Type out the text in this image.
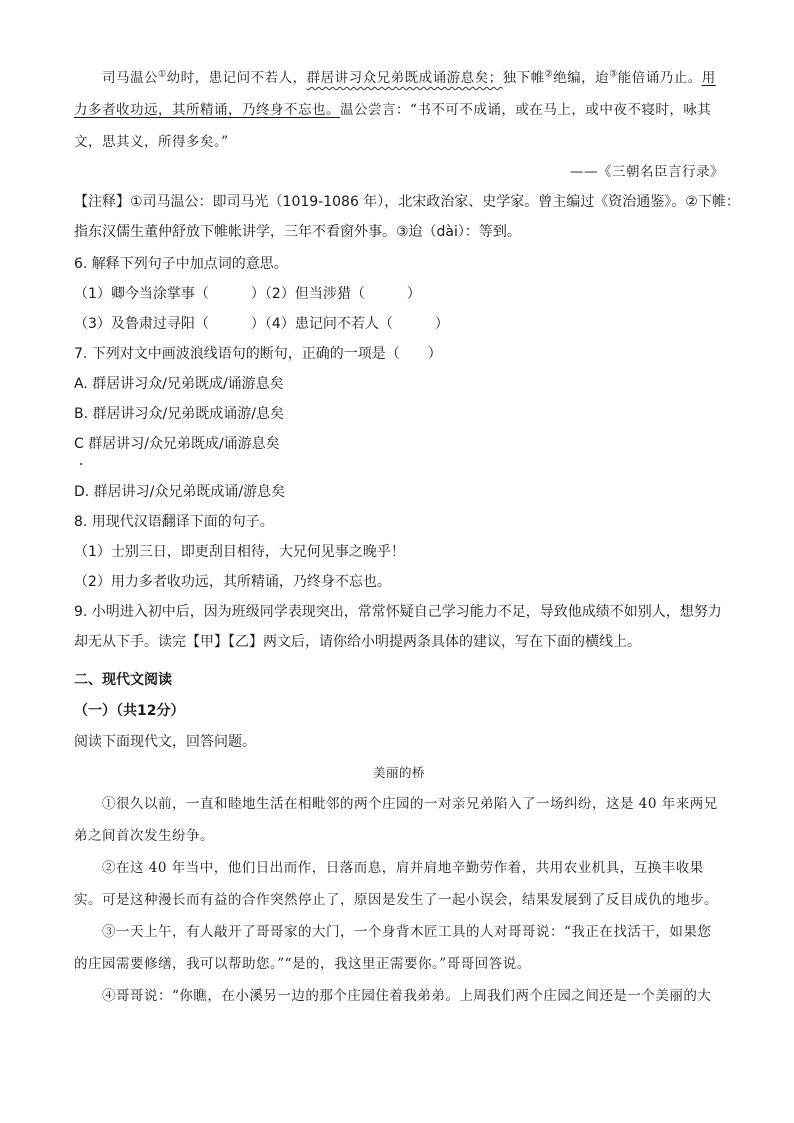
司马温公①幼时，患记问不若人，群居讲习众兄弟既成诵游息矣；独下帷②绝编，迨③能倍诵乃止。用
力多者收功远，其所精诵，乃终身不忘也。温公尝言：“书不可不成诵，或在马上，或中夜不寝时，咏其
文，思其义，所得多矣。”
——《三朝名臣言行录》
【注释】①司马温公：即司马光（1019-1086 年），北宋政治家、史学家。曾主编过《资治通鉴》。②下帷：
指东汉儒生董仲舒放下帷帐讲学，三年不看窗外事。③迨（dài）：等到。
6. 解释下列句子中加点词的意思。
（1）卿今当涂掌事（　　　）（2）但当涉猎（　　　）
（3）及鲁肃过寻阳（　　　）（4）患记问不若人（　　　）
7. 下列对文中画波浪线语句的断句，正确的一项是（　　）
A. 群居讲习众/兄弟既成/诵游息矣
B. 群居讲习众/兄弟既成诵游/息矣
C 群居讲习/众兄弟既成/诵游息矣
D. 群居讲习/众兄弟既成诵/游息矣
8. 用现代汉语翻译下面的句子。
（1）士别三日，即更刮目相待，大兄何见事之晚乎！
（2）用力多者收功远，其所精诵，乃终身不忘也。
9. 小明进入初中后，因为班级同学表现突出，常常怀疑自己学习能力不足，导致他成绩不如别人，想努力
却无从下手。读完【甲】【乙】两文后，请你给小明提两条具体的建议，写在下面的横线上。
二、现代文阅读
（一）（共12分）
阅读下面现代文，回答问题。
美丽的桥
①很久以前，一直和睦地生活在相毗邻的两个庄园的一对亲兄弟陷入了一场纠纷，这是 40 年来两兄
弟之间首次发生纷争。
②在这 40 年当中，他们日出而作，日落而息，肩并肩地辛勤劳作着，共用农业机具，互换丰收果
实。可是这种漫长而有益的合作突然停止了，原因是发生了一起小误会，结果发展到了反目成仇的地步。
③一天上午，有人敲开了哥哥家的大门，一个身背木匠工具的人对哥哥说：“我正在找活干，如果您
的庄园需要修缮，我可以帮助您。”“是的，我这里正需要你。”哥哥回答说。
④哥哥说：“你瞧，在小溪另一边的那个庄园住着我弟弟。上周我们两个庄园之间还是一个美丽的大
